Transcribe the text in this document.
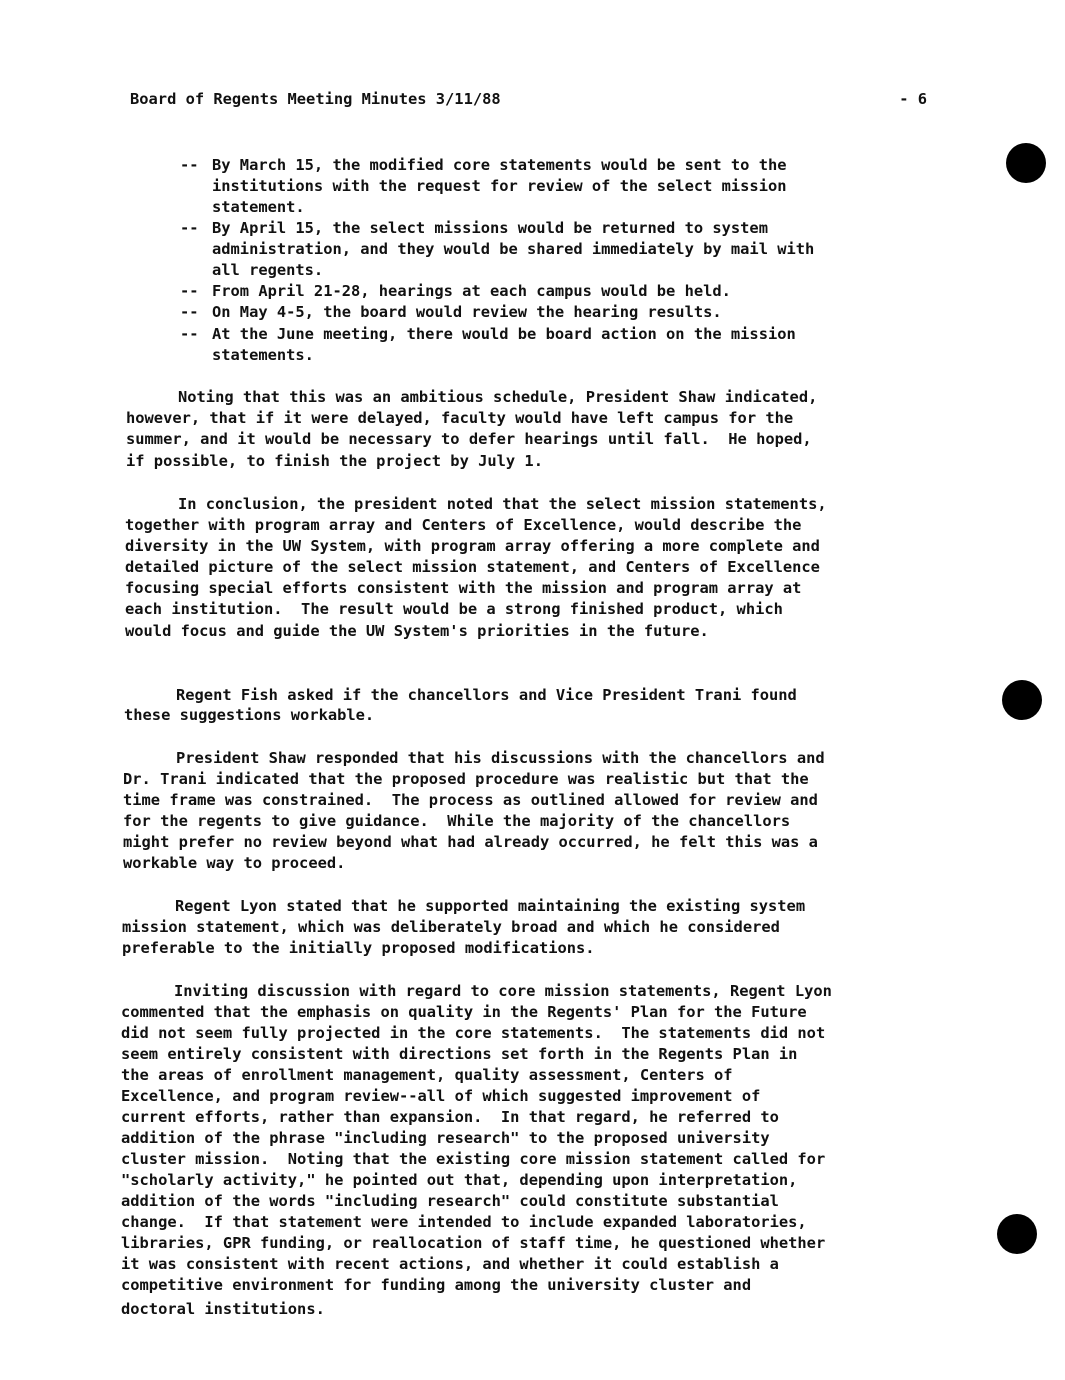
Board of Regents Meeting Minutes 3/11/88	- 6
-- By March 15, the modified core statements would be sent to the
institutions with the request for review of the select mission
statement.
-- By April 15, the select missions would be returned to system
administration, and they would be shared immediately by mail with
all regents.
-- From April 21-28, hearings at each campus would be held.
-- On May 4-5, the board would review the hearing results.
-- At the June meeting, there would be board action on the mission
statements.
Noting that this was an ambitious schedule, President Shaw indicated,
however, that if it were delayed, faculty would have left campus for the
summer, and it would be necessary to defer hearings until fall.  He hoped,
if possible, to finish the project by July 1.
In conclusion, the president noted that the select mission statements,
together with program array and Centers of Excellence, would describe the
diversity in the UW System, with program array offering a more complete and
detailed picture of the select mission statement, and Centers of Excellence
focusing special efforts consistent with the mission and program array at
each institution.  The result would be a strong finished product, which
would focus and guide the UW System's priorities in the future.
Regent Fish asked if the chancellors and Vice President Trani found
these suggestions workable.
President Shaw responded that his discussions with the chancellors and
Dr. Trani indicated that the proposed procedure was realistic but that the
time frame was constrained.  The process as outlined allowed for review and
for the regents to give guidance.  While the majority of the chancellors
might prefer no review beyond what had already occurred, he felt this was a
workable way to proceed.
Regent Lyon stated that he supported maintaining the existing system
mission statement, which was deliberately broad and which he considered
preferable to the initially proposed modifications.
Inviting discussion with regard to core mission statements, Regent Lyon
commented that the emphasis on quality in the Regents' Plan for the Future
did not seem fully projected in the core statements.  The statements did not
seem entirely consistent with directions set forth in the Regents Plan in
the areas of enrollment management, quality assessment, Centers of
Excellence, and program review--all of which suggested improvement of
current efforts, rather than expansion.  In that regard, he referred to
addition of the phrase "including research" to the proposed university
cluster mission.  Noting that the existing core mission statement called for
"scholarly activity," he pointed out that, depending upon interpretation,
addition of the words "including research" could constitute substantial
change.  If that statement were intended to include expanded laboratories,
libraries, GPR funding, or reallocation of staff time, he questioned whether
it was consistent with recent actions, and whether it could establish a
competitive environment for funding among the university cluster and
doctoral institutions.
